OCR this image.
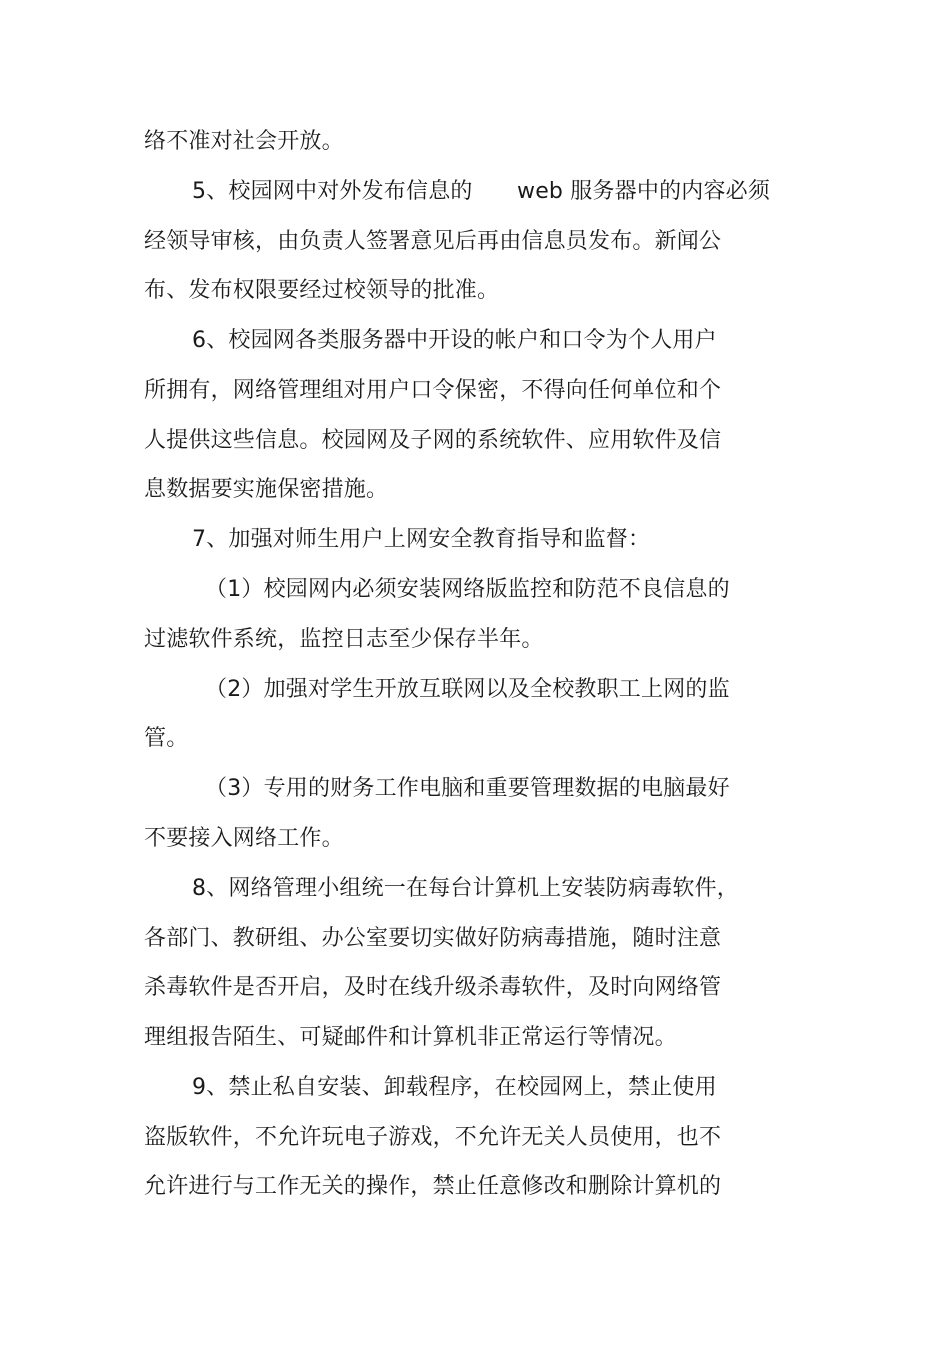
络不准对社会开放。
5、校园网中对外发布信息的　　web 服务器中的内容必须
经领导审核，由负责人签署意见后再由信息员发布。新闻公
布、发布权限要经过校领导的批准。
6、校园网各类服务器中开设的帐户和口令为个人用户
所拥有，网络管理组对用户口令保密，不得向任何单位和个
人提供这些信息。校园网及子网的系统软件、应用软件及信
息数据要实施保密措施。
7、加强对师生用户上网安全教育指导和监督：
（1）校园网内必须安装网络版监控和防范不良信息的
过滤软件系统，监控日志至少保存半年。
（2）加强对学生开放互联网以及全校教职工上网的监
管。
（3）专用的财务工作电脑和重要管理数据的电脑最好
不要接入网络工作。
8、网络管理小组统一在每台计算机上安装防病毒软件，
各部门、教研组、办公室要切实做好防病毒措施，随时注意
杀毒软件是否开启，及时在线升级杀毒软件，及时向网络管
理组报告陌生、可疑邮件和计算机非正常运行等情况。
9、禁止私自安装、卸载程序，在校园网上，禁止使用
盗版软件，不允许玩电子游戏，不允许无关人员使用，也不
允许进行与工作无关的操作，禁止任意修改和删除计算机的
